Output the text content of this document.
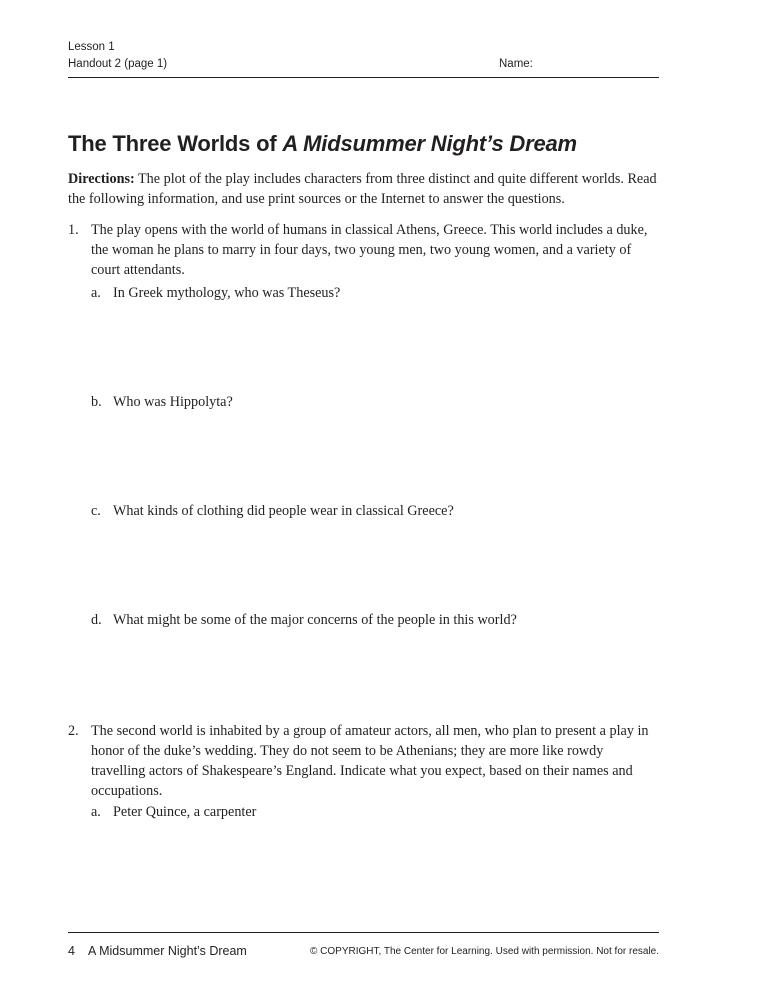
Lesson 1
Handout 2 (page 1)	Name:
The Three Worlds of A Midsummer Night’s Dream
Directions: The plot of the play includes characters from three distinct and quite different worlds. Read the following information, and use print sources or the Internet to answer the questions.
1. The play opens with the world of humans in classical Athens, Greece. This world includes a duke, the woman he plans to marry in four days, two young men, two young women, and a variety of court attendants.
a. In Greek mythology, who was Theseus?
b. Who was Hippolyta?
c. What kinds of clothing did people wear in classical Greece?
d. What might be some of the major concerns of the people in this world?
2. The second world is inhabited by a group of amateur actors, all men, who plan to present a play in honor of the duke’s wedding. They do not seem to be Athenians; they are more like rowdy travelling actors of Shakespeare’s England. Indicate what you expect, based on their names and occupations.
a. Peter Quince, a carpenter
4 A Midsummer Night’s Dream	© COPYRIGHT, The Center for Learning. Used with permission. Not for resale.
